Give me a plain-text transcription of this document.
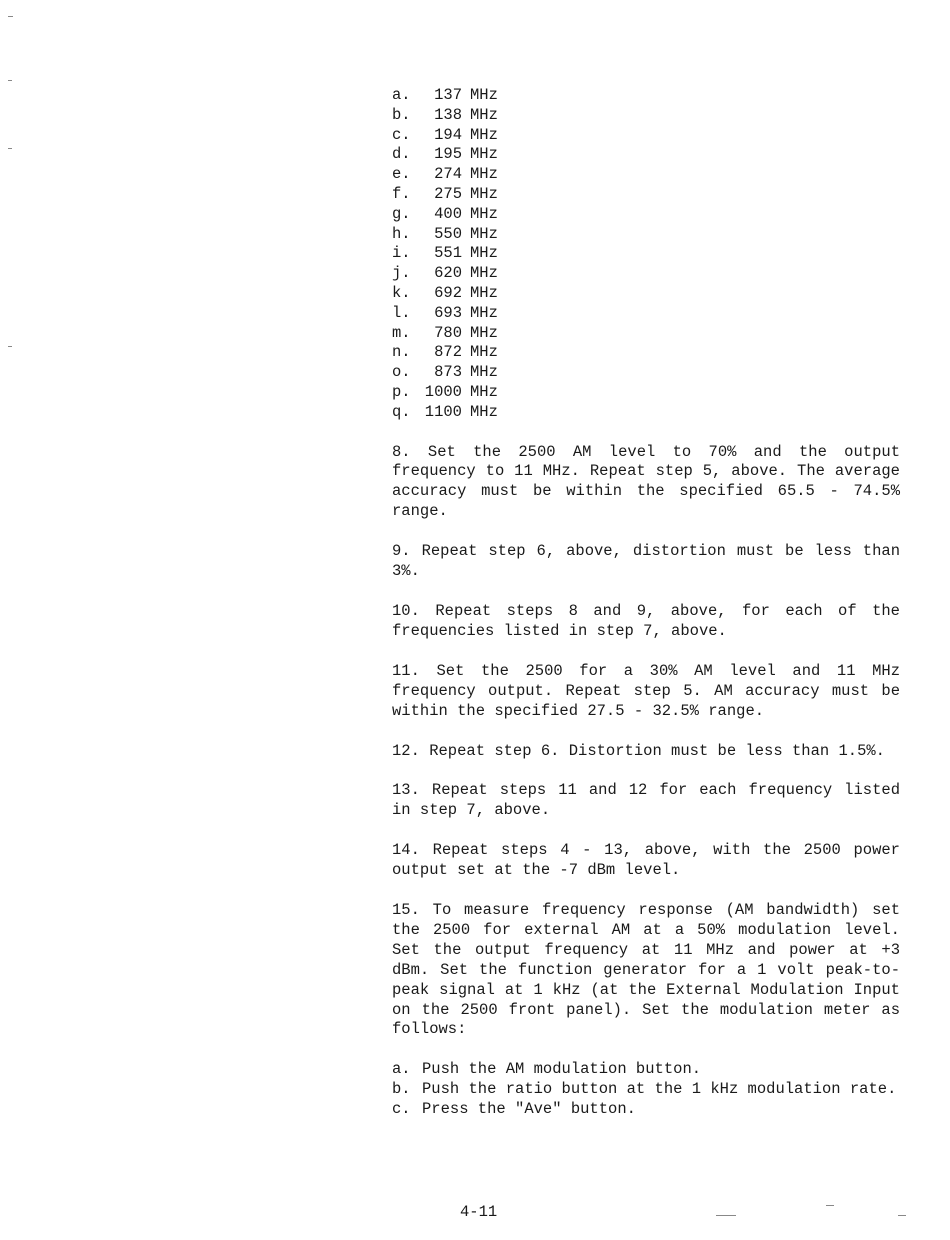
a.	137 MHz
b.	138 MHz
c.	194 MHz
d.	195 MHz
e.	274 MHz
f.	275 MHz
g.	400 MHz
h.	550 MHz
i.	551 MHz
j.	620 MHz
k.	692 MHz
l.	693 MHz
m.	780 MHz
n.	872 MHz
o.	873 MHz
p. 1000 MHz
q. 1100 MHz

8. Set the 2500 AM level to 70% and the output frequency to 11 MHz. Repeat step 5, above. The average accuracy must be within the specified 65.5 - 74.5% range.

9. Repeat step 6, above, distortion must be less than 3%.

10. Repeat steps 8 and 9, above, for each of the frequencies listed in step 7, above.

11. Set the 2500 for a 30% AM level and 11 MHz frequency output. Repeat step 5. AM accuracy must be within the specified 27.5 - 32.5% range.

12. Repeat step 6. Distortion must be less than 1.5%.

13. Repeat steps 11 and 12 for each frequency listed in step 7, above.

14. Repeat steps 4 - 13, above, with the 2500 power output set at the -7 dBm level.

15. To measure frequency response (AM bandwidth) set the 2500 for external AM at a 50% modulation level. Set the output frequency at 11 MHz and power at +3 dBm. Set the function generator for a 1 volt peak-to-peak signal at 1 kHz (at the External Modulation Input on the 2500 front panel). Set the modulation meter as follows:

a. Push the AM modulation button.
b. Push the ratio button at the 1 kHz modulation rate.
c. Press the "Ave" button.
4-11
